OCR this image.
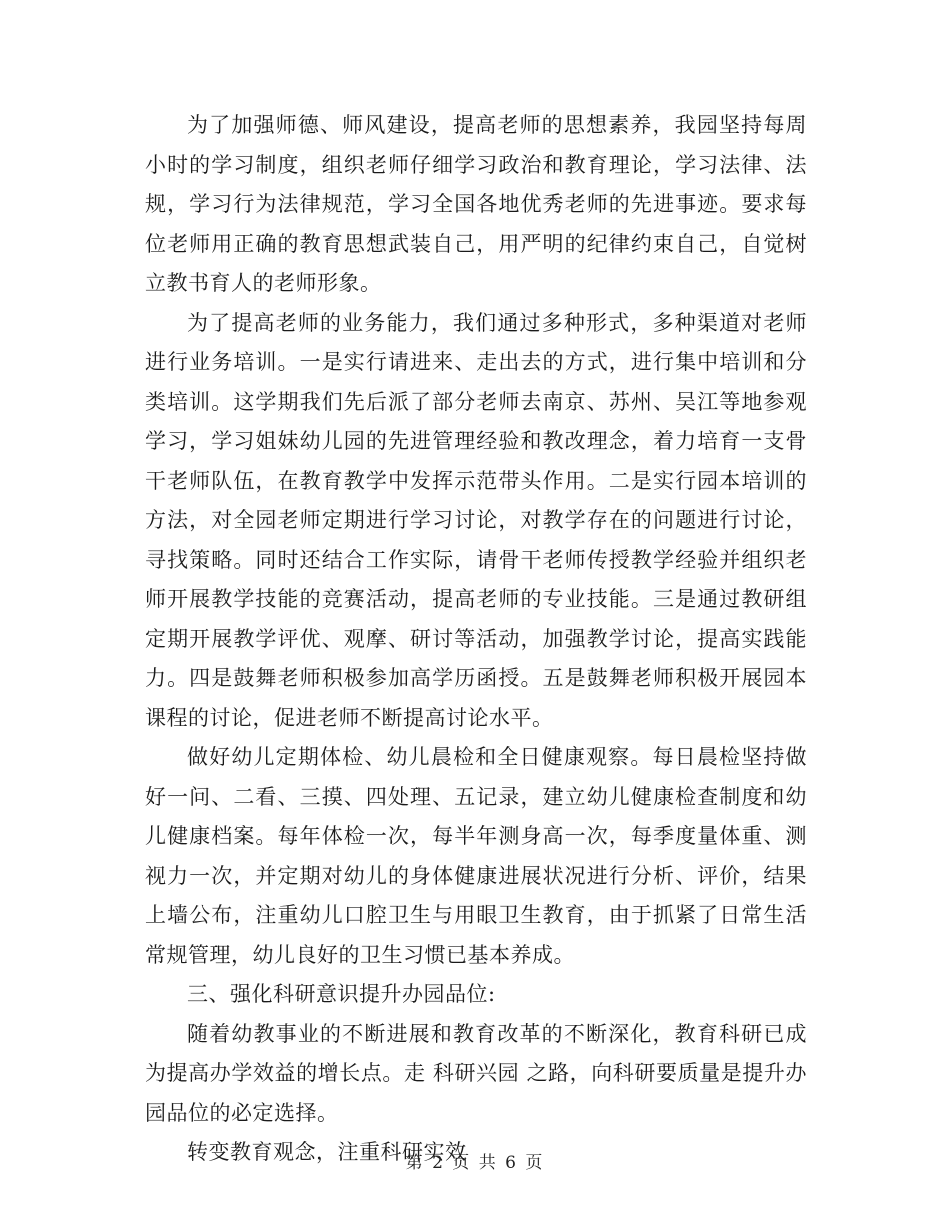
为了加强师德、师风建设，提高老师的思想素养，我园坚持每周小时的学习制度，组织老师仔细学习政治和教育理论，学习法律、法规，学习行为法律规范，学习全国各地优秀老师的先进事迹。要求每位老师用正确的教育思想武装自己，用严明的纪律约束自己，自觉树立教书育人的老师形象。

为了提高老师的业务能力，我们通过多种形式，多种渠道对老师进行业务培训。一是实行请进来、走出去的方式，进行集中培训和分类培训。这学期我们先后派了部分老师去南京、苏州、吴江等地参观学习，学习姐妹幼儿园的先进管理经验和教改理念，着力培育一支骨干老师队伍，在教育教学中发挥示范带头作用。二是实行园本培训的方法，对全园老师定期进行学习讨论，对教学存在的问题进行讨论，寻找策略。同时还结合工作实际，请骨干老师传授教学经验并组织老师开展教学技能的竞赛活动，提高老师的专业技能。三是通过教研组定期开展教学评优、观摩、研讨等活动，加强教学讨论，提高实践能力。四是鼓舞老师积极参加高学历函授。五是鼓舞老师积极开展园本课程的讨论，促进老师不断提高讨论水平。

做好幼儿定期体检、幼儿晨检和全日健康观察。每日晨检坚持做好一问、二看、三摸、四处理、五记录，建立幼儿健康检查制度和幼儿健康档案。每年体检一次，每半年测身高一次，每季度量体重、测视力一次，并定期对幼儿的身体健康进展状况进行分析、评价，结果上墙公布，注重幼儿口腔卫生与用眼卫生教育，由于抓紧了日常生活常规管理，幼儿良好的卫生习惯已基本养成。

三、强化科研意识提升办园品位:

随着幼教事业的不断进展和教育改革的不断深化，教育科研已成为提高办学效益的增长点。走 科研兴园 之路，向科研要质量是提升办园品位的必定选择。

转变教育观念，注重科研实效

第 2 页 共 6 页
